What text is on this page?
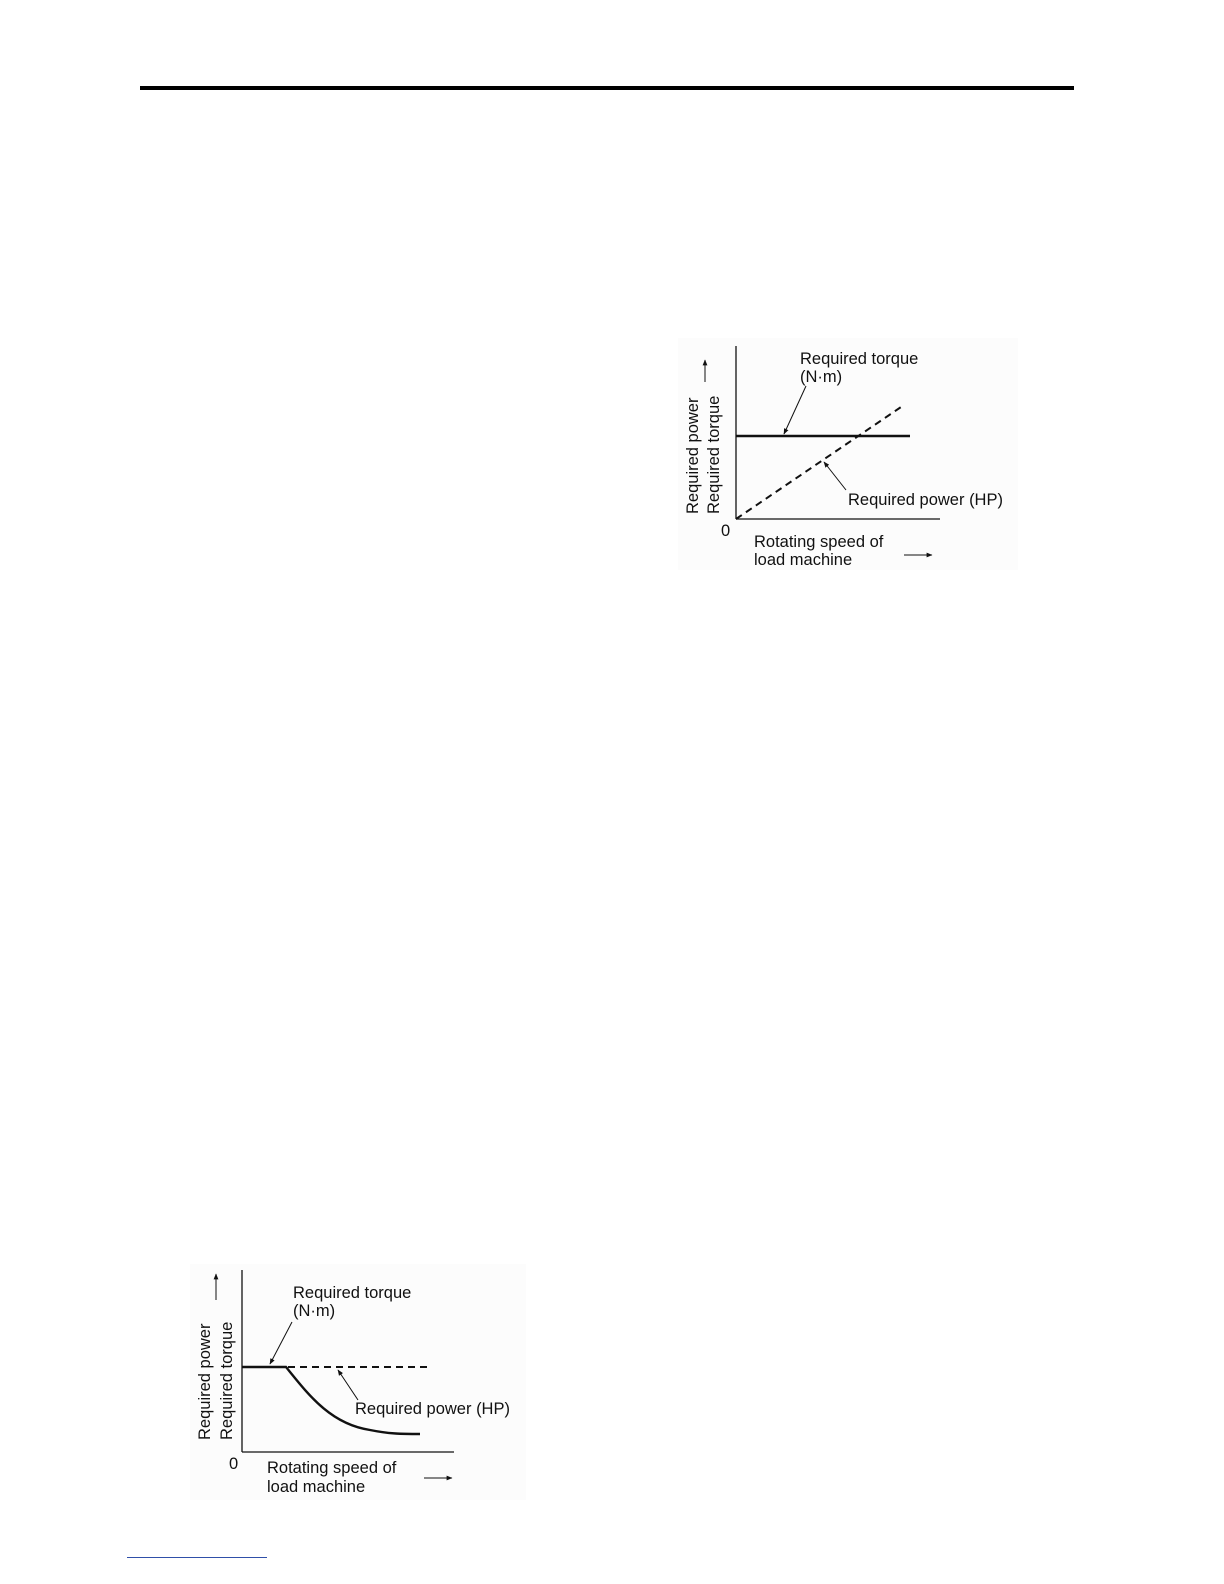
Required torque
(N·m)
Required power (HP)
0
Rotating speed of
load machine
Required power Required torque
Required torque
(N·m)
Required power (HP)
0 Rotating speed of
load machine
Required power Required torque
